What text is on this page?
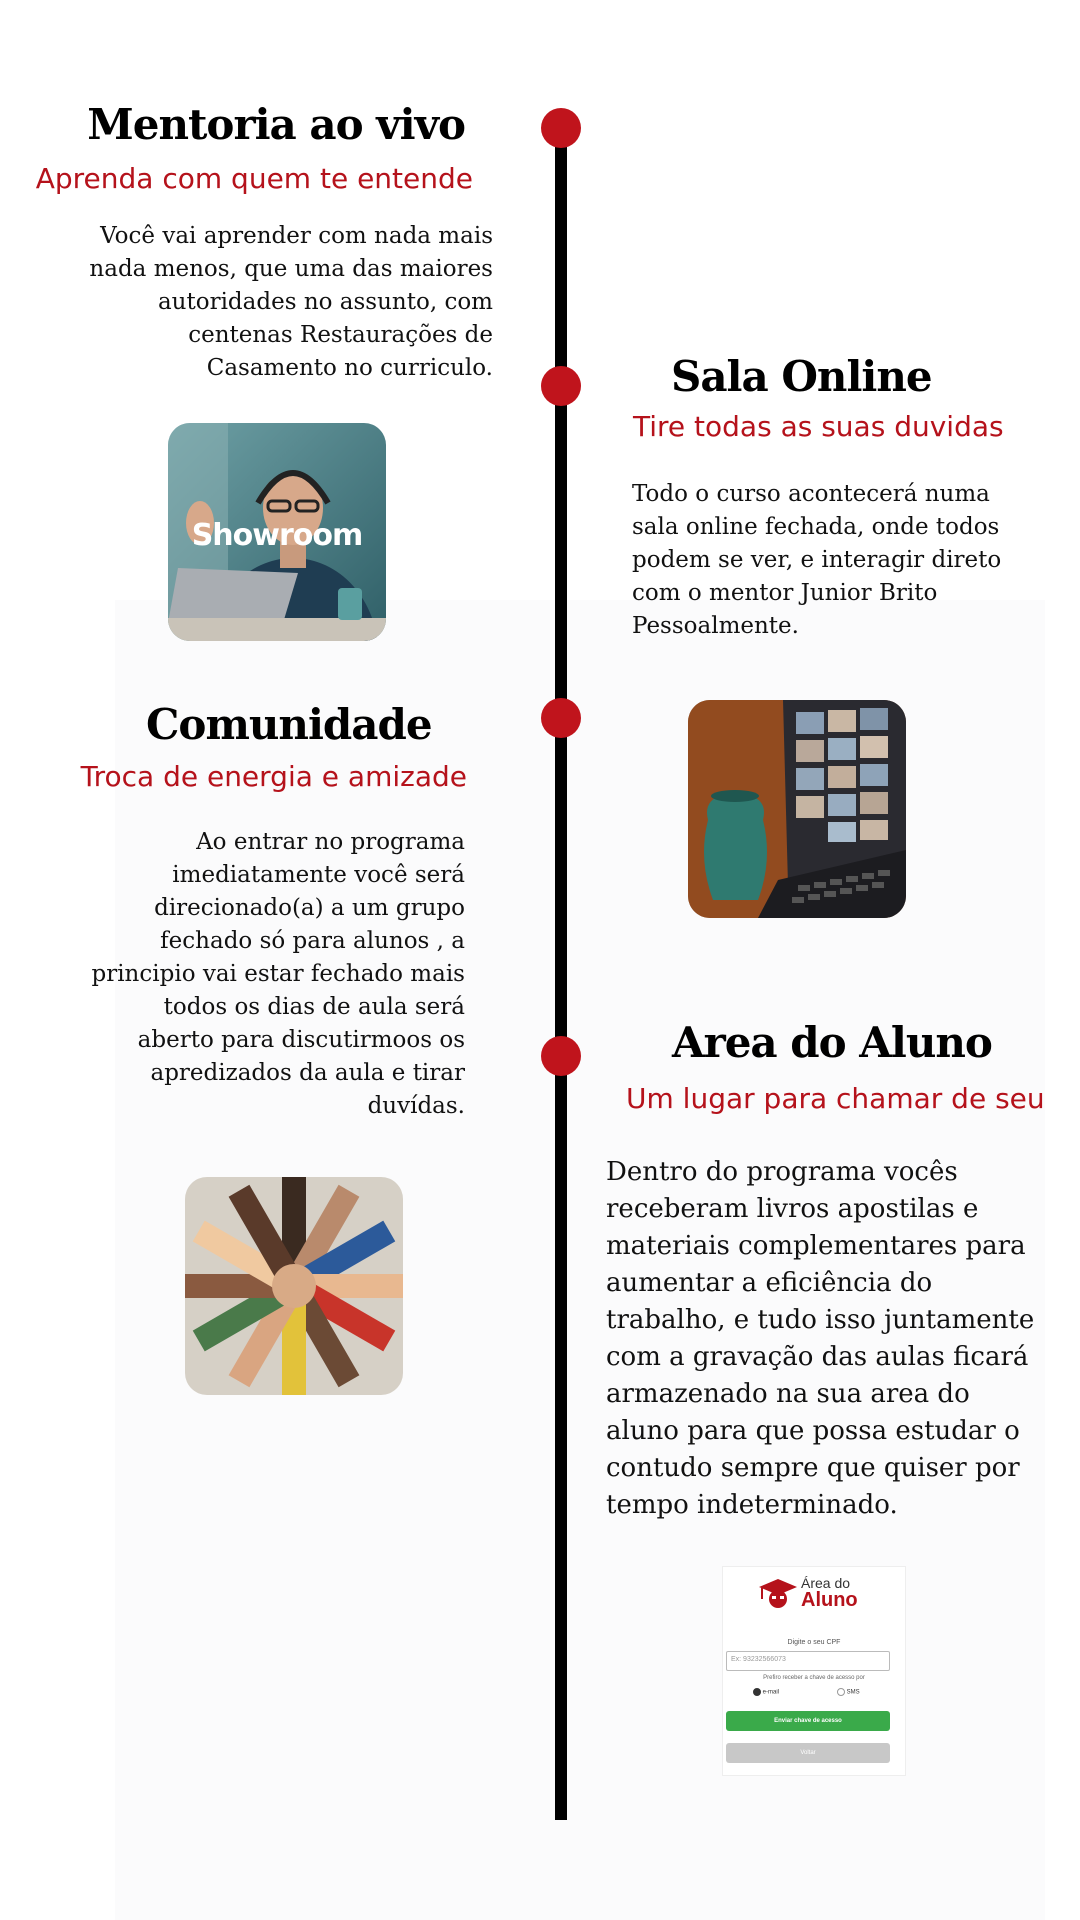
Mentoria ao vivo
Aprenda com quem te entende
Você vai aprender com nada mais nada menos, que uma das maiores autoridades no assunto, com centenas Restaurações de Casamento no curriculo.
Showroom
Sala Online
Tire todas as suas duvidas
Todo o curso acontecerá numa sala online fechada, onde todos podem se ver, e interagir direto com o mentor Junior Brito Pessoalmente.
Comunidade
Troca de energia e amizade
Ao entrar no programa imediatamente você será direcionado(a) a um grupo fechado só para alunos , a principio vai estar fechado mais todos os dias de aula será aberto para discutirmoos os apredizados da aula e tirar duvídas.
Area do Aluno
Um lugar para chamar de seu
Dentro do programa vocês receberam livros apostilas e materiais complementares para aumentar a eficiência do trabalho, e tudo isso juntamente com a gravação das aulas ficará armazenado na sua area do aluno para que possa estudar o contudo sempre que quiser por tempo indeterminado.
Área do
Aluno
Digite o seu CPF
Ex: 93232566073
Prefiro receber a chave de acesso por
e-mail	SMS
Enviar chave de acesso
Voltar
